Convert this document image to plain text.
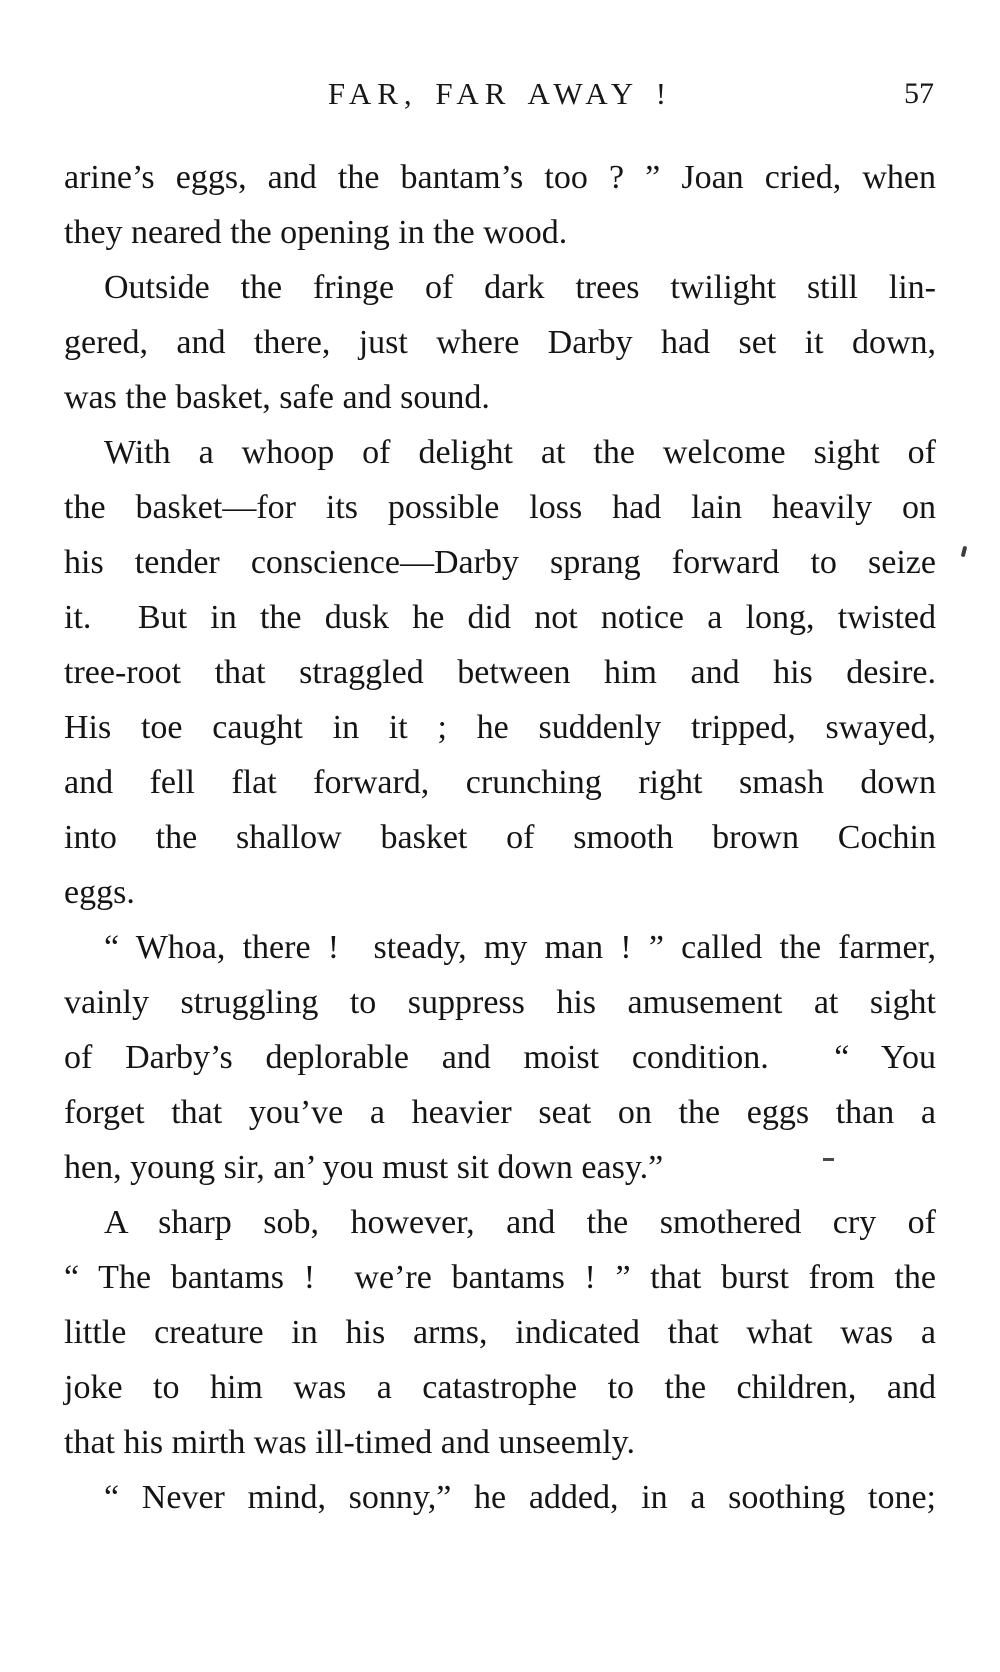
FAR, FAR AWAY !	57
arine’s eggs, and the bantam’s too ? ” Joan cried, when
they neared the opening in the wood.
Outside the fringe of dark trees twilight still lin-
gered, and there, just where Darby had set it down,
was the basket, safe and sound.
With a whoop of delight at the welcome sight of
the basket—for its possible loss had lain heavily on
his tender conscience—Darby sprang forward to seize
it.  But in the dusk he did not notice a long, twisted
tree-root that straggled between him and his desire.
His toe caught in it ; he suddenly tripped, swayed,
and fell flat forward, crunching right smash down
into the shallow basket of smooth brown Cochin
eggs.
“ Whoa, there !  steady, my man ! ” called the farmer,
vainly struggling to suppress his amusement at sight
of Darby’s deplorable and moist condition.  “ You
forget that you’ve a heavier seat on the eggs than a
hen, young sir, an’ you must sit down easy.”
A sharp sob, however, and the smothered cry of
“ The bantams !  we’re bantams ! ” that burst from the
little creature in his arms, indicated that what was a
joke to him was a catastrophe to the children, and
that his mirth was ill-timed and unseemly.
“ Never mind, sonny,” he added, in a soothing tone;
